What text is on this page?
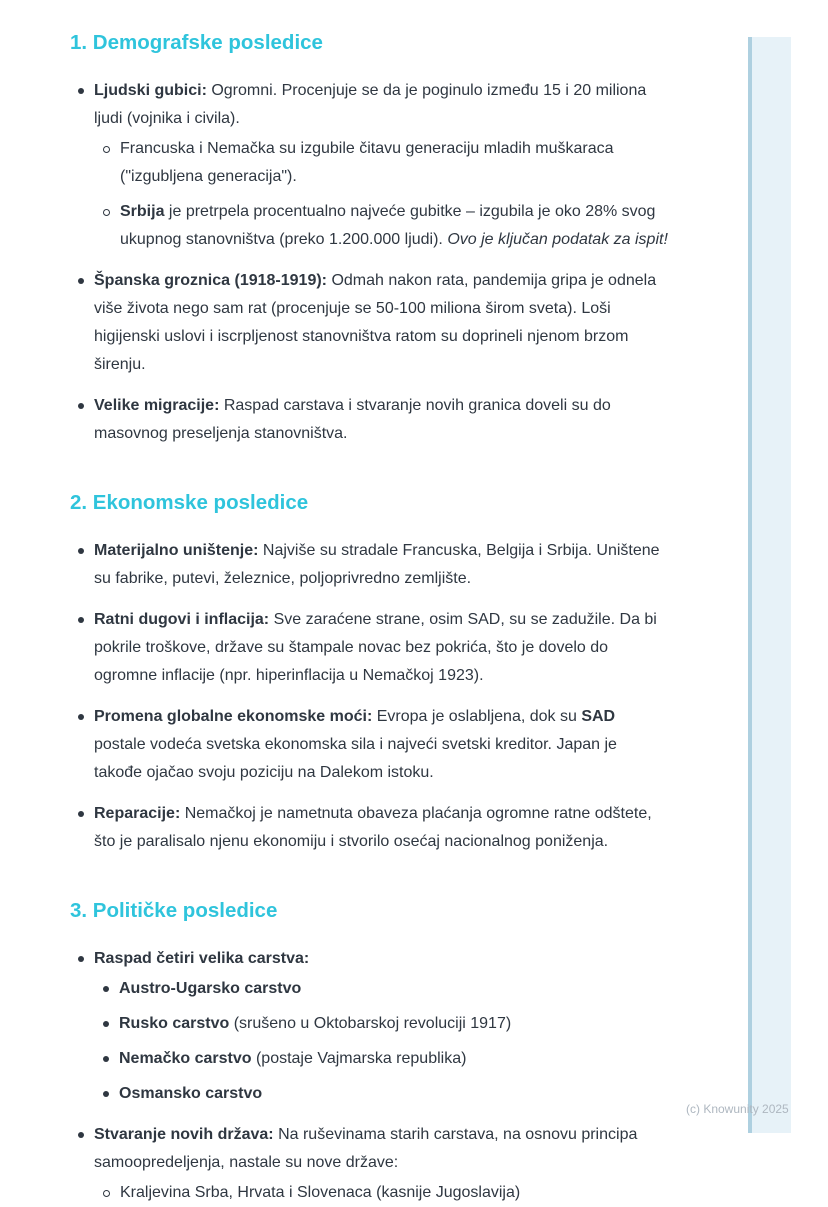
1. Demografske posledice
Ljudski gubici: Ogromni. Procenjuje se da je poginulo između 15 i 20 miliona ljudi (vojnika i civila).
Francuska i Nemačka su izgubile čitavu generaciju mladih muškaraca ("izgubljena generacija").
Srbija je pretrpela procentualno najveće gubitke – izgubila je oko 28% svog ukupnog stanovništva (preko 1.200.000 ljudi). Ovo je ključan podatak za ispit!
Španska groznica (1918-1919): Odmah nakon rata, pandemija gripa je odnela više života nego sam rat (procenjuje se 50-100 miliona širom sveta). Loši higijenski uslovi i iscrpljenost stanovništva ratom su doprineli njenom brzom širenju.
Velike migracije: Raspad carstava i stvaranje novih granica doveli su do masovnog preseljenja stanovništva.
2. Ekonomske posledice
Materijalno uništenje: Najviše su stradale Francuska, Belgija i Srbija. Uništene su fabrike, putevi, železnice, poljoprivredno zemljište.
Ratni dugovi i inflacija: Sve zaraćene strane, osim SAD, su se zadužile. Da bi pokrile troškove, države su štampale novac bez pokrića, što je dovelo do ogromne inflacije (npr. hiperinflacija u Nemačkoj 1923).
Promena globalne ekonomske moći: Evropa je oslabljena, dok su SAD postale vodeća svetska ekonomska sila i najveći svetski kreditor. Japan je takođe ojačao svoju poziciju na Dalekom istoku.
Reparacije: Nemačkoj je nametnuta obaveza plaćanja ogromne ratne odštete, što je paralisalo njenu ekonomiju i stvorilo osećaj nacionalnog poniženja.
3. Političke posledice
Raspad četiri velika carstva:
Austro-Ugarsko carstvo
Rusko carstvo (srušeno u Oktobarskoj revoluciji 1917)
Nemačko carstvo (postaje Vajmarska republika)
Osmansko carstvo
Stvaranje novih država: Na ruševinama starih carstava, na osnovu principa samoopredeljenja, nastale su nove države:
Kraljevina Srba, Hrvata i Slovenaca (kasnije Jugoslavija)
(c) Knowunity 2025
